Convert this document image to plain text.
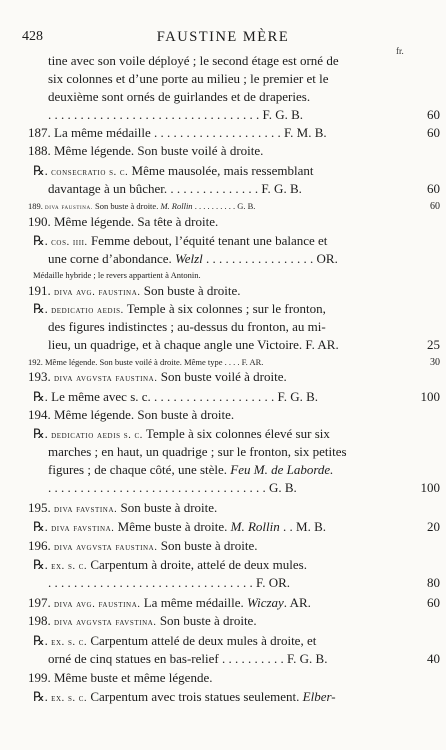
428	FAUSTINE MÈRE
fr.
tine avec son voile déployé ; le second étage est orné de
six colonnes et d’une porte au milieu ; le premier et le
deuxième sont ornés de guirlandes et de draperies.
. . . . . . . . . . . . . . . . . . . . . . . . . . . . . . . . . F. G. B.	60
187. La même médaille . . . . . . . . . . . . . . . . . . . . F. M. B.	60
188. Même légende. Son buste voilé à droite.
℞. consecratio s. c. Même mausolée, mais ressemblant
davantage à un bûcher. . . . . . . . . . . . . . . F. G. B.	60
189. diva faustina. Son buste à droite. M. Rollin . . . . . . . . . . G. B.	60
190. Même légende. Sa tête à droite.
℞. cos. iiii. Femme debout, l’équité tenant une balance et
une corne d’abondance. Welzl . . . . . . . . . . . . . . . . . OR.
Médaille hybride ; le revers appartient à Antonin.
191. diva avg. faustina. Son buste à droite.
℞. dedicatio aedis. Temple à six colonnes ; sur le fronton,
des figures indistinctes ; au-dessus du fronton, au mi-
lieu, un quadrige, et à chaque angle une Victoire. F. AR.	25
192. Même légende. Son buste voilé à droite. Même type . . . . F. AR.	30
193. diva avgvsta faustina. Son buste voilé à droite.
℞. Le même avec s. c. . . . . . . . . . . . . . . . . . . . F. G. B.	100
194. Même légende. Son buste à droite.
℞. dedicatio aedis s. c. Temple à six colonnes élevé sur six
marches ; en haut, un quadrige ; sur le fronton, six petites
figures ; de chaque côté, une stèle. Feu M. de Laborde.
. . . . . . . . . . . . . . . . . . . . . . . . . . . . . . . . . . G. B.	100
195. diva favstina. Son buste à droite.
℞. diva favstina. Même buste à droite. M. Rollin . . M. B.	20
196. diva avgvsta faustina. Son buste à droite.
℞. ex. s. c. Carpentum à droite, attelé de deux mules.
. . . . . . . . . . . . . . . . . . . . . . . . . . . . . . . . F. OR.	80
197. diva avg. faustina. La même médaille. Wiczay. AR.	60
198. diva avgvsta favstina. Son buste à droite.
℞. ex. s. c. Carpentum attelé de deux mules à droite, et
orné de cinq statues en bas-relief . . . . . . . . . . F. G. B.	40
199. Même buste et même légende.
℞. ex. s. c. Carpentum avec trois statues seulement. Elber-
